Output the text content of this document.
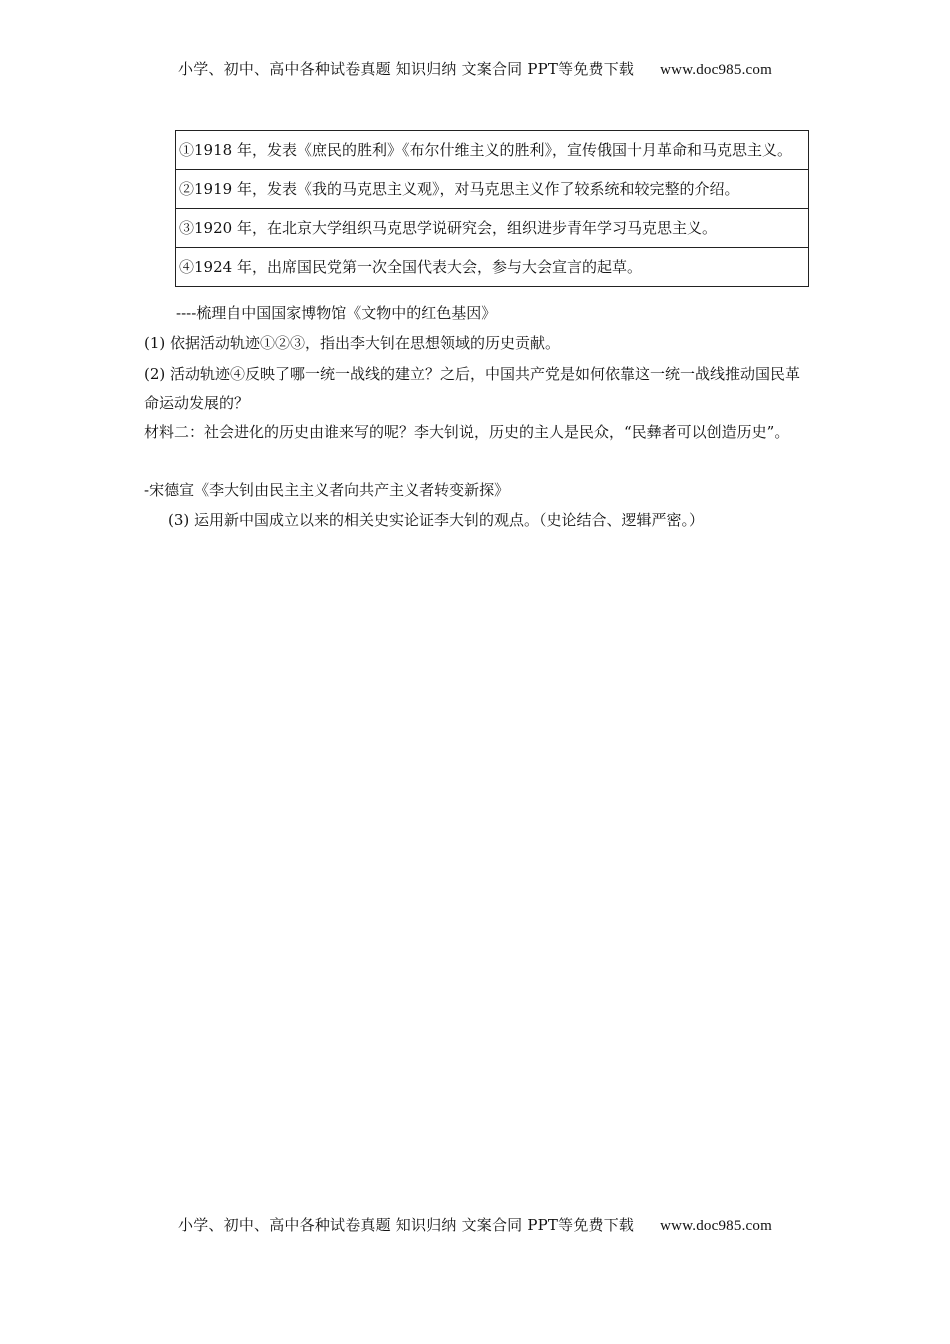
小学、初中、高中各种试卷真题 知识归纳 文案合同 PPT等免费下载 www.doc985.com
①1918 年，发表《庶民的胜利》《布尔什维主义的胜利》，宣传俄国十月革命和马克思主义。
②1919 年，发表《我的马克思主义观》，对马克思主义作了较系统和较完整的介绍。
③1920 年，在北京大学组织马克思学说研究会，组织进步青年学习马克思主义。
④1924 年，出席国民党第一次全国代表大会，参与大会宣言的起草。
----梳理自中国国家博物馆《文物中的红色基因》
(1) 依据活动轨迹①②③，指出李大钊在思想领域的历史贡献。
(2) 活动轨迹④反映了哪一统一战线的建立？之后，中国共产党是如何依靠这一统一战线推动国民革命运动发展的？
材料二：社会进化的历史由谁来写的呢？李大钊说，历史的主人是民众，“民彝者可以创造历史”。
-宋德宣《李大钊由民主主义者向共产主义者转变新探》
(3) 运用新中国成立以来的相关史实论证李大钊的观点。（史论结合、逻辑严密。）
小学、初中、高中各种试卷真题 知识归纳 文案合同 PPT等免费下载 www.doc985.com
